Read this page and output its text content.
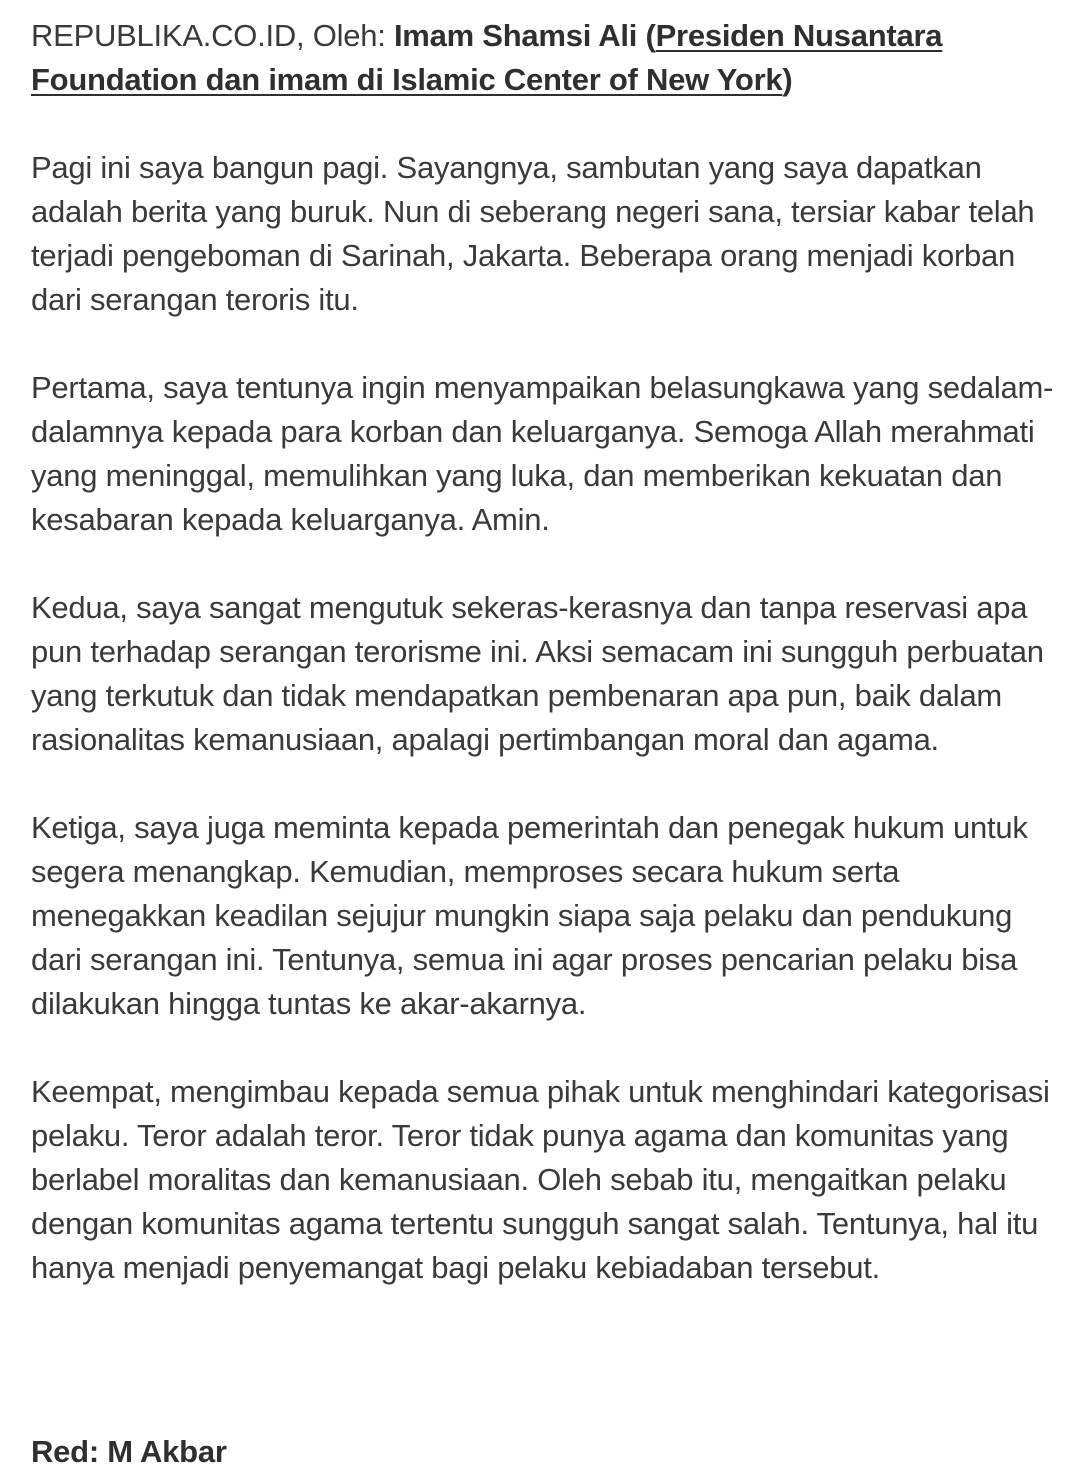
REPUBLIKA.CO.ID, Oleh: Imam Shamsi Ali (Presiden Nusantara Foundation dan imam di Islamic Center of New York)

Pagi ini saya bangun pagi. Sayangnya, sambutan yang saya dapatkan adalah berita yang buruk. Nun di seberang negeri sana, tersiar kabar telah terjadi pengeboman di Sarinah, Jakarta. Beberapa orang menjadi korban dari serangan teroris itu.

Pertama, saya tentunya ingin menyampaikan belasungkawa yang sedalam-dalamnya kepada para korban dan keluarganya. Semoga Allah merahmati yang meninggal, memulihkan yang luka, dan memberikan kekuatan dan kesabaran kepada keluarganya. Amin.

Kedua, saya sangat mengutuk sekeras-kerasnya dan tanpa reservasi apa pun terhadap serangan terorisme ini. Aksi semacam ini sungguh perbuatan yang terkutuk dan tidak mendapatkan pembenaran apa pun, baik dalam rasionalitas kemanusiaan, apalagi pertimbangan moral dan agama.

Ketiga, saya juga meminta kepada pemerintah dan penegak hukum untuk segera menangkap. Kemudian, memproses secara hukum serta menegakkan keadilan sejujur mungkin siapa saja pelaku dan pendukung dari serangan ini. Tentunya, semua ini agar proses pencarian pelaku bisa dilakukan hingga tuntas ke akar-akarnya.

Keempat, mengimbau kepada semua pihak untuk menghindari kategorisasi pelaku. Teror adalah teror. Teror tidak punya agama dan komunitas yang berlabel moralitas dan kemanusiaan. Oleh sebab itu, mengaitkan pelaku dengan komunitas agama tertentu sungguh sangat salah. Tentunya, hal itu hanya menjadi penyemangat bagi pelaku kebiadaban tersebut.

Red: M Akbar
